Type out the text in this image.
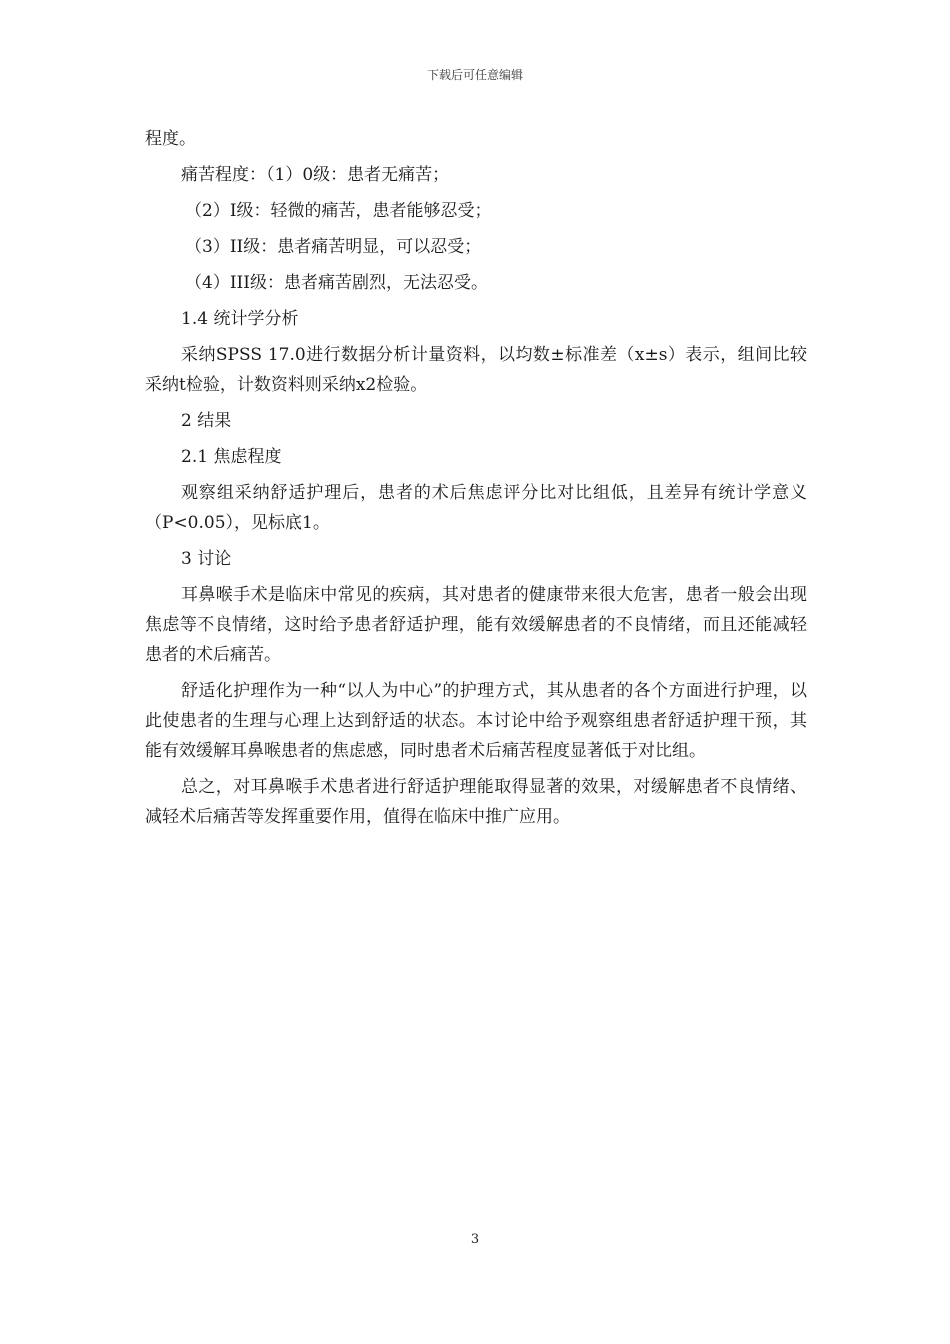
下载后可任意编辑

程度。

痛苦程度：（1）0级：患者无痛苦；

（2）I级：轻微的痛苦，患者能够忍受；

（3）II级：患者痛苦明显，可以忍受；

（4）III级：患者痛苦剧烈，无法忍受。

1.4 统计学分析

采纳SPSS 17.0进行数据分析计量资料，以均数±标准差（x±s）表示，组间比较采纳t检验，计数资料则采纳x2检验。

2 结果

2.1 焦虑程度

观察组采纳舒适护理后，患者的术后焦虑评分比对比组低，且差异有统计学意义（P<0.05），见标底1。

3 讨论

耳鼻喉手术是临床中常见的疾病，其对患者的健康带来很大危害，患者一般会出现焦虑等不良情绪，这时给予患者舒适护理，能有效缓解患者的不良情绪，而且还能减轻患者的术后痛苦。

舒适化护理作为一种“以人为中心”的护理方式，其从患者的各个方面进行护理，以此使患者的生理与心理上达到舒适的状态。本讨论中给予观察组患者舒适护理干预，其能有效缓解耳鼻喉患者的焦虑感，同时患者术后痛苦程度显著低于对比组。

总之，对耳鼻喉手术患者进行舒适护理能取得显著的效果，对缓解患者不良情绪、减轻术后痛苦等发挥重要作用，值得在临床中推广应用。

3
